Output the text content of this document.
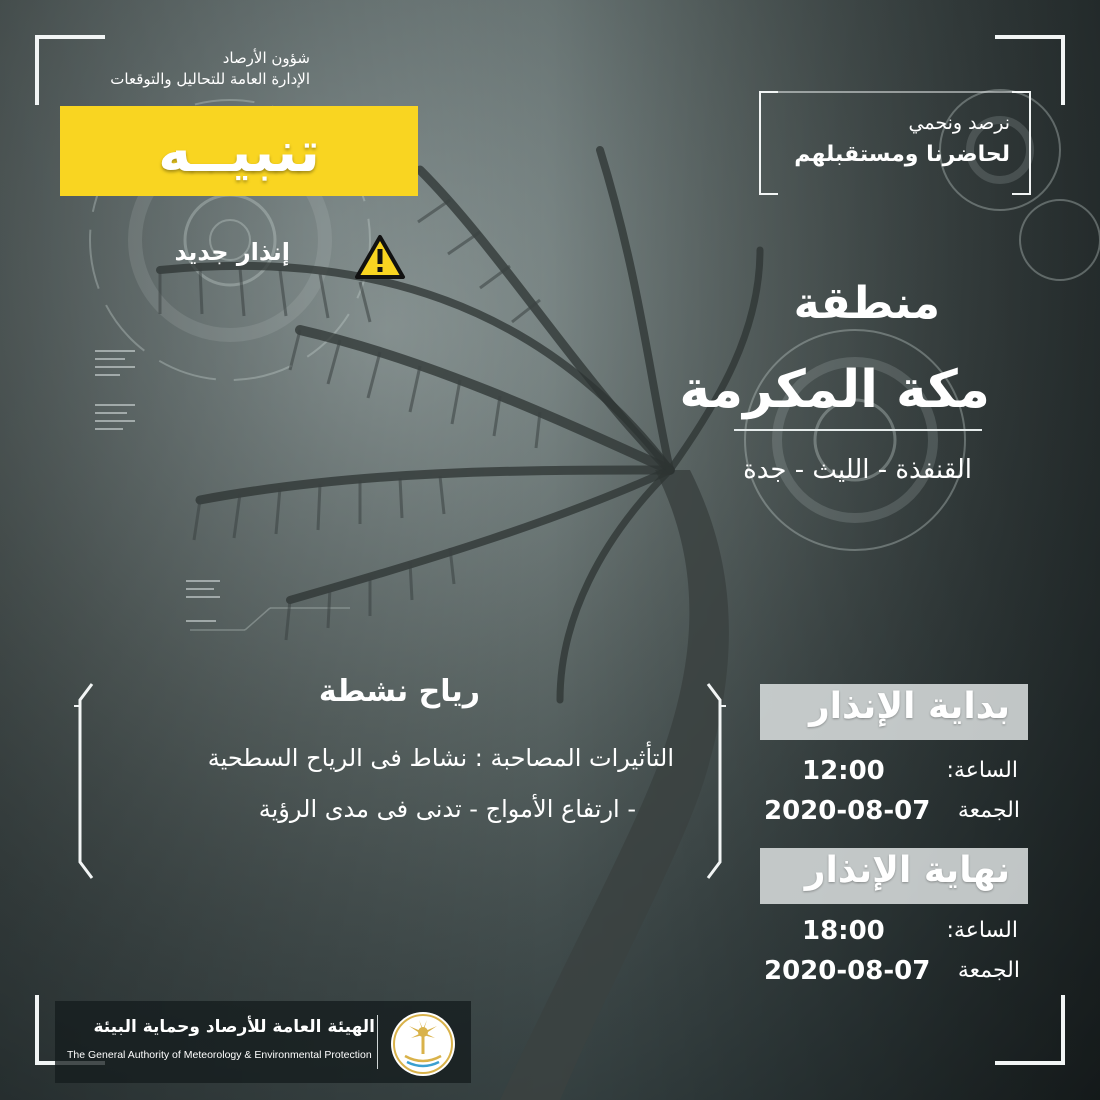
شؤون الأرصاد
الإدارة العامة للتحاليل والتوقعات
تنبيــه
إنذار جديد
نرصد ونحمي
لحاضرنا ومستقبلهم
منطقة
مكة المكرمة
القنفذة - الليث - جدة
رياح نشطة
التأثيرات المصاحبة : نشاط فى الرياح السطحية
- ارتفاع الأمواج - تدنى فى مدى الرؤية
بداية الإنذار
الساعة:
12:00
الجمعة
2020-08-07
نهاية الإنذار
الساعة:
18:00
الجمعة
2020-08-07
الهيئة العامة للأرصاد وحماية البيئة
The General Authority of Meteorology & Environmental Protection
